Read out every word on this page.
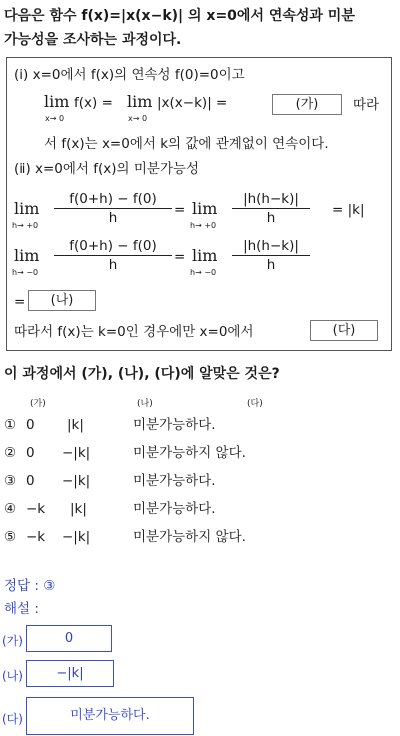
다음은 함수 f(x)=|x(x−k)| 의 x=0에서 연속성과 미분
가능성을 조사하는 과정이다.
(ⅰ) x=0에서 f(x)의 연속성 f(0)=0이고
lim
x→ 0
f(x) = lim
x→ 0
|x(x−k)| =	(가)	따라
서 f(x)는 x=0에서 k의 값에 관계없이 연속이다.
(ⅱ) x=0에서 f(x)의 미분가능성
lim
$h\to +0 \frac{f(0+h) - f(0)}{h} = \lim$
$h\to +0 \frac{|h(h-k)|}{h} = |k|$
lim
$h\to -0 \frac{f(0+h) - f(0)}{h} = \lim$
$h\to -0 \frac{|h(h-k)|}{h}$
=	(나)
따라서 f(x)는 k=0인 경우에만 x=0에서	(다)
이 과정에서 (가), (나), (다)에 알맞은 것은?
(가)	(나)	(다)
① 0 |k|	미분가능하다.
② 0 −|k|	미분가능하지 않다.
③ 0 −|k|	미분가능하다.
④ −k |k|	미분가능하다.
⑤ −k −|k|	미분가능하지 않다.
정답 : ③
해설 :
(가)	0
(나)	−|k|
(다)	미분가능하다.
